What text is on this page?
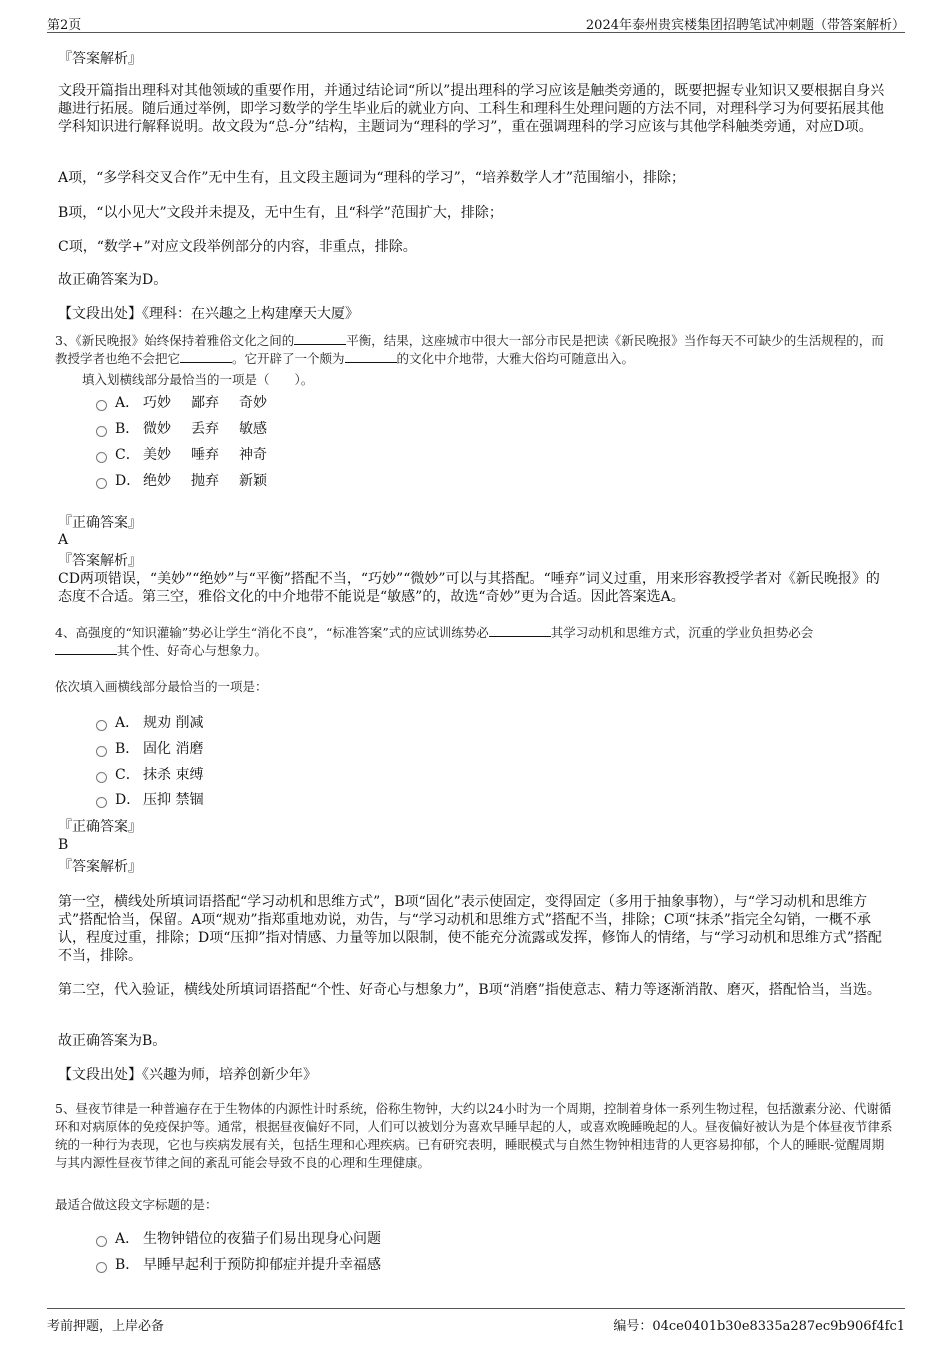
第2页	2024年泰州贵宾楼集团招聘笔试冲刺题（带答案解析）
『答案解析』

文段开篇指出理科对其他领域的重要作用，并通过结论词“所以”提出理科的学习应该是触类旁通的，既要把握专业知识又要根据自身兴趣进行拓展。随后通过举例，即学习数学的学生毕业后的就业方向、工科生和理科生处理问题的方法不同，对理科学习为何要拓展其他学科知识进行解释说明。故文段为“总-分”结构，主题词为“理科的学习”，重在强调理科的学习应该与其他学科触类旁通，对应D项。

A项，“多学科交叉合作”无中生有，且文段主题词为“理科的学习”，“培养数学人才”范围缩小，排除；

B项，“以小见大”文段并未提及，无中生有，且“科学”范围扩大，排除；

C项，“数学+”对应文段举例部分的内容，非重点，排除。

故正确答案为D。

【文段出处】《理科：在兴趣之上构建摩天大厦》

3、《新民晚报》始终保持着雅俗文化之间的	平衡，结果，这座城市中很大一部分市民是把读《新民晚报》当作每天不可缺少的生活规程的，而教授学者也绝不会把它	。它开辟了一个颇为	的文化中介地带，大雅大俗均可随意出入。

填入划横线部分最恰当的一项是（　　）。

A． 巧妙 鄙弃 奇妙
B． 微妙 丢弃 敏感
C． 美妙 唾弃 神奇
D． 绝妙 抛弃 新颖
『正确答案』
A
『答案解析』

CD两项错误，“美妙”“绝妙”与“平衡”搭配不当，“巧妙”“微妙”可以与其搭配。“唾弃”词义过重，用来形容教授学者对《新民晚报》的态度不合适。第三空，雅俗文化的中介地带不能说是“敏感”的，故选“奇妙”更为合适。因此答案选A。

4、高强度的“知识灌输”势必让学生“消化不良”，“标准答案”式的应试训练势必	其学习动机和思维方式，沉重的学业负担势必会
其个性、好奇心与想象力。

依次填入画横线部分最恰当的一项是：

A． 规劝 削减
B． 固化 消磨
C． 抹杀 束缚
D． 压抑 禁锢
『正确答案』
B
『答案解析』

第一空，横线处所填词语搭配“学习动机和思维方式”，B项“固化”表示使固定，变得固定（多用于抽象事物），与“学习动机和思维方式”搭配恰当，保留。A项“规劝”指郑重地劝说，劝告，与“学习动机和思维方式”搭配不当，排除；C项“抹杀”指完全勾销，一概不承认，程度过重，排除；D项“压抑”指对情感、力量等加以限制，使不能充分流露或发挥，修饰人的情绪，与“学习动机和思维方式”搭配不当，排除。

第二空，代入验证，横线处所填词语搭配“个性、好奇心与想象力”，B项“消磨”指使意志、精力等逐渐消散、磨灭，搭配恰当，当选。

故正确答案为B。

【文段出处】《兴趣为师，培养创新少年》

5、昼夜节律是一种普遍存在于生物体的内源性计时系统，俗称生物钟，大约以24小时为一个周期，控制着身体一系列生物过程，包括激素分泌、代谢循环和对病原体的免疫保护等。通常，根据昼夜偏好不同，人们可以被划分为喜欢早睡早起的人，或喜欢晚睡晚起的人。昼夜偏好被认为是个体昼夜节律系统的一种行为表现，它也与疾病发展有关，包括生理和心理疾病。已有研究表明，睡眠模式与自然生物钟相违背的人更容易抑郁，个人的睡眠-觉醒周期与其内源性昼夜节律之间的紊乱可能会导致不良的心理和生理健康。

最适合做这段文字标题的是：

A． 生物钟错位的夜猫子们易出现身心问题
B． 早睡早起利于预防抑郁症并提升幸福感
考前押题，上岸必备	编号：04ce0401b30e8335a287ec9b906f4fc1
